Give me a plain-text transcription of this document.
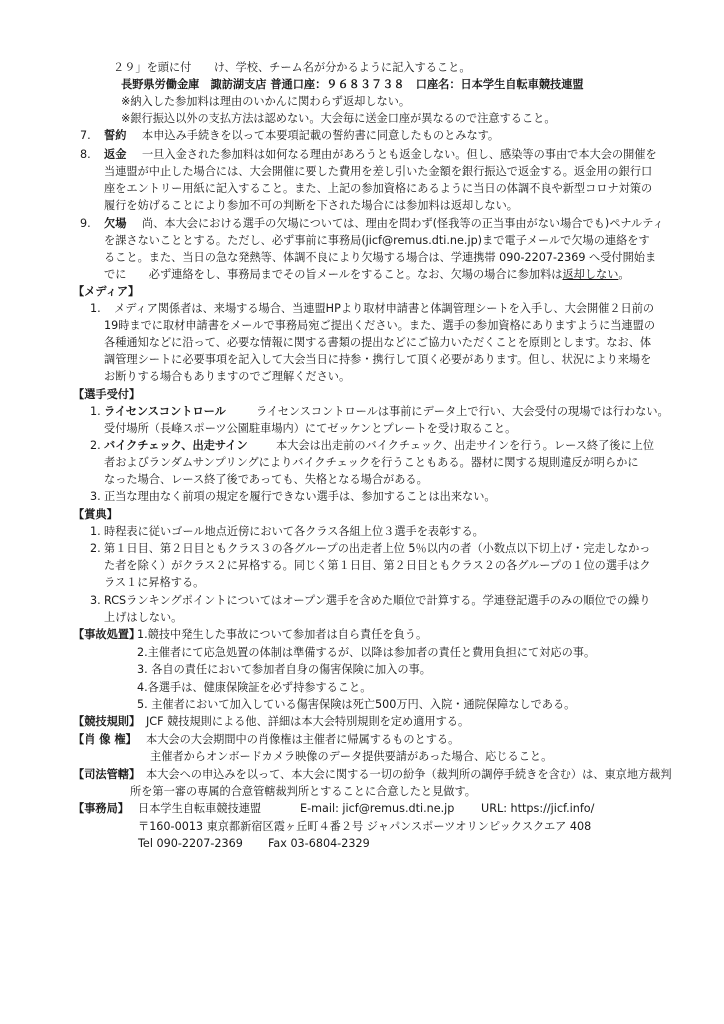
２９」を頭に付　　け、学校、チーム名が分かるように記入すること。
長野県労働金庫　諏訪湖支店 普通口座：９６８３７３８　口座名：日本学生自転車競技連盟
※納入した参加料は理由のいかんに関わらず返却しない。
※銀行振込以外の支払方法は認めない。大会毎に送金口座が異なるので注意すること。
7. 誓約 本申込み手続きを以って本要項記載の誓約書に同意したものとみなす。
8. 返金 一旦入金された参加料は如何なる理由があろうとも返金しない。但し、感染等の事由で本大会の開催を
当連盟が中止した場合には、大会開催に要した費用を差し引いた金額を銀行振込で返金する。返金用の銀行口
座をエントリー用紙に記入すること。また、上記の参加資格にあるように当日の体調不良や新型コロナ対策の
履行を妨げることにより参加不可の判断を下された場合には参加料は返却しない。
9. 欠場 尚、本大会における選手の欠場については、理由を問わず(怪我等の正当事由がない場合でも)ペナルティ
を課さないこととする。ただし、必ず事前に事務局(jicf@remus.dti.ne.jp)まで電子メールで欠場の連絡をす
ること。また、当日の急な発熱等、体調不良により欠場する場合は、学連携帯 090-2207-2369 へ受付開始ま
でに　　必ず連絡をし、事務局までその旨メールをすること。なお、欠場の場合に参加料は返却しない。
【メディア】
1. メディア関係者は、来場する場合、当連盟HPより取材申請書と体調管理シートを入手し、大会開催２日前の
19時までに取材申請書をメールで事務局宛ご提出ください。また、選手の参加資格にありますように当連盟の
各種通知などに沿って、必要な情報に関する書類の提出などにご協力いただくことを原則とします。なお、体
調管理シートに必要事項を記入して大会当日に持参・携行して頂く必要があります。但し、状況により来場を
お断りする場合もありますのでご理解ください。
【選手受付】
1. ライセンスコントロール	ライセンスコントロールは事前にデータ上で行い、大会受付の現場では行わない。
受付場所（長峰スポーツ公園駐車場内）にてゼッケンとプレートを受け取ること。
2. バイクチェック、出走サイン	本大会は出走前のバイクチェック、出走サインを行う。レース終了後に上位
者およびランダムサンプリングによりバイクチェックを行うこともある。器材に関する規則違反が明らかに
なった場合、レース終了後であっても、失格となる場合がある。
3. 正当な理由なく前項の規定を履行できない選手は、参加することは出来ない。
【賞典】
1. 時程表に従いゴール地点近傍において各クラス各組上位３選手を表彰する。
2. 第１日目、第２日目ともクラス３の各グループの出走者上位 5％以内の者（小数点以下切上げ・完走しなかっ
た者を除く）がクラス２に昇格する。同じく第１日目、第２日目ともクラス２の各グループの１位の選手はク
ラス１に昇格する。
3. RCSランキングポイントについてはオープン選手を含めた順位で計算する。学連登記選手のみの順位での繰り
上げはしない。
【事故処置】
1.競技中発生した事故について参加者は自ら責任を負う。
2.主催者にて応急処置の体制は準備するが、以降は参加者の責任と費用負担にて対応の事。
3. 各自の責任において参加者自身の傷害保険に加入の事。
4.各選手は、健康保険証を必ず持参すること。
5. 主催者において加入している傷害保険は死亡500万円、入院・通院保障なしである。
【競技規則】 JCF 競技規則による他、詳細は本大会特別規則を定め適用する。
【肖 像 権】 本大会の大会期間中の肖像権は主催者に帰属するものとする。
主催者からオンボードカメラ映像のデータ提供要請があった場合、応じること。
【司法管轄】 本大会への申込みを以って、本大会に関する一切の紛争（裁判所の調停手続きを含む）は、東京地方裁判
所を第一審の専属的合意管轄裁判所とすることに合意したと見做す。
【事務局】 日本学生自転車競技連盟	E-mail: jicf@remus.dti.ne.jp URL: https://jicf.info/
〒160-0013 東京都新宿区霞ヶ丘町４番２号 ジャパンスポーツオリンピックスクエア 408
Tel 090-2207-2369 Fax 03-6804-2329
